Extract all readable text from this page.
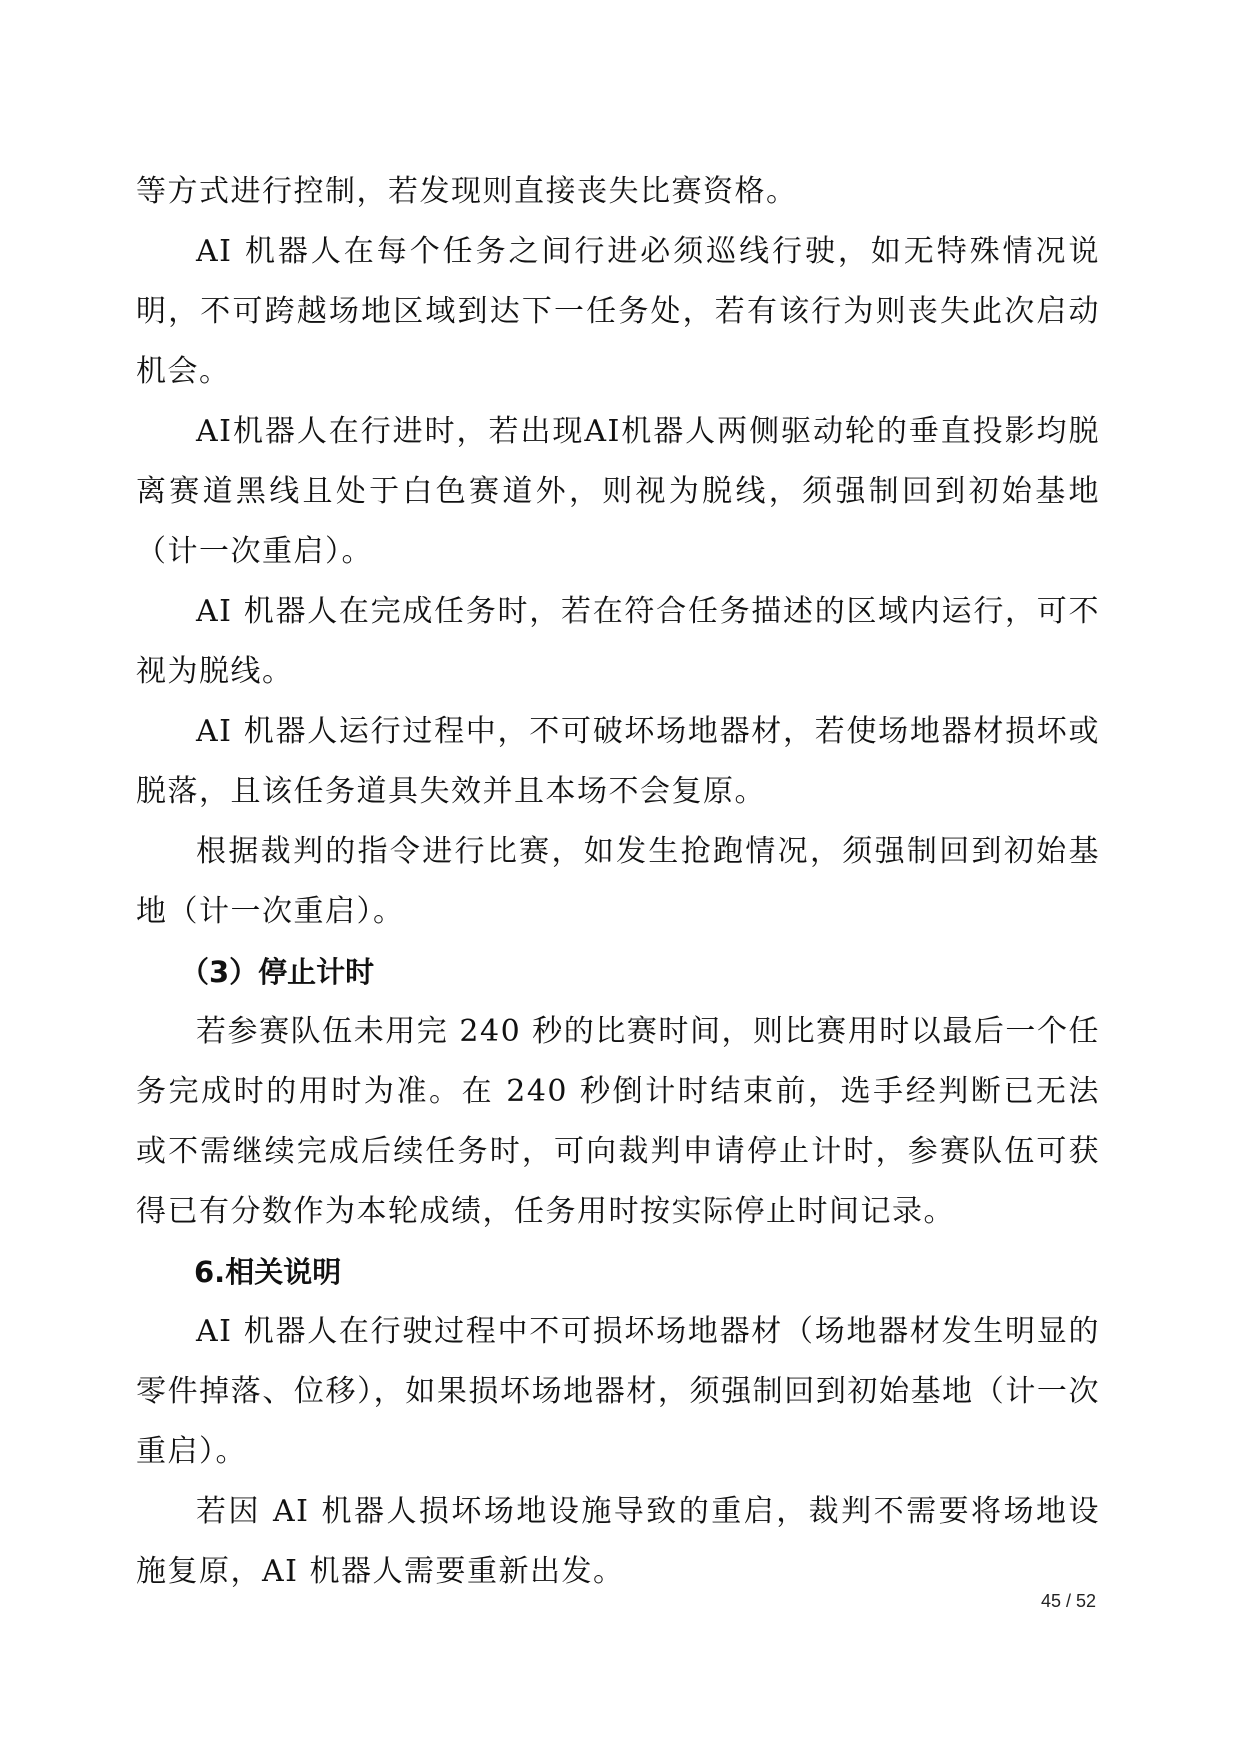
等方式进行控制，若发现则直接丧失比赛资格。

AI 机器人在每个任务之间行进必须巡线行驶，如无特殊情况说明，不可跨越场地区域到达下一任务处，若有该行为则丧失此次启动机会。

AI机器人在行进时，若出现AI机器人两侧驱动轮的垂直投影均脱离赛道黑线且处于白色赛道外，则视为脱线，须强制回到初始基地（计一次重启）。

AI 机器人在完成任务时，若在符合任务描述的区域内运行，可不视为脱线。

AI 机器人运行过程中，不可破坏场地器材，若使场地器材损坏或脱落，且该任务道具失效并且本场不会复原。

根据裁判的指令进行比赛，如发生抢跑情况，须强制回到初始基地（计一次重启）。

（3）停止计时

若参赛队伍未用完 240 秒的比赛时间，则比赛用时以最后一个任务完成时的用时为准。在 240 秒倒计时结束前，选手经判断已无法或不需继续完成后续任务时，可向裁判申请停止计时，参赛队伍可获得已有分数作为本轮成绩，任务用时按实际停止时间记录。

6.相关说明

AI 机器人在行驶过程中不可损坏场地器材（场地器材发生明显的零件掉落、位移），如果损坏场地器材，须强制回到初始基地（计一次重启）。

若因 AI 机器人损坏场地设施导致的重启，裁判不需要将场地设施复原，AI 机器人需要重新出发。

45 / 52
